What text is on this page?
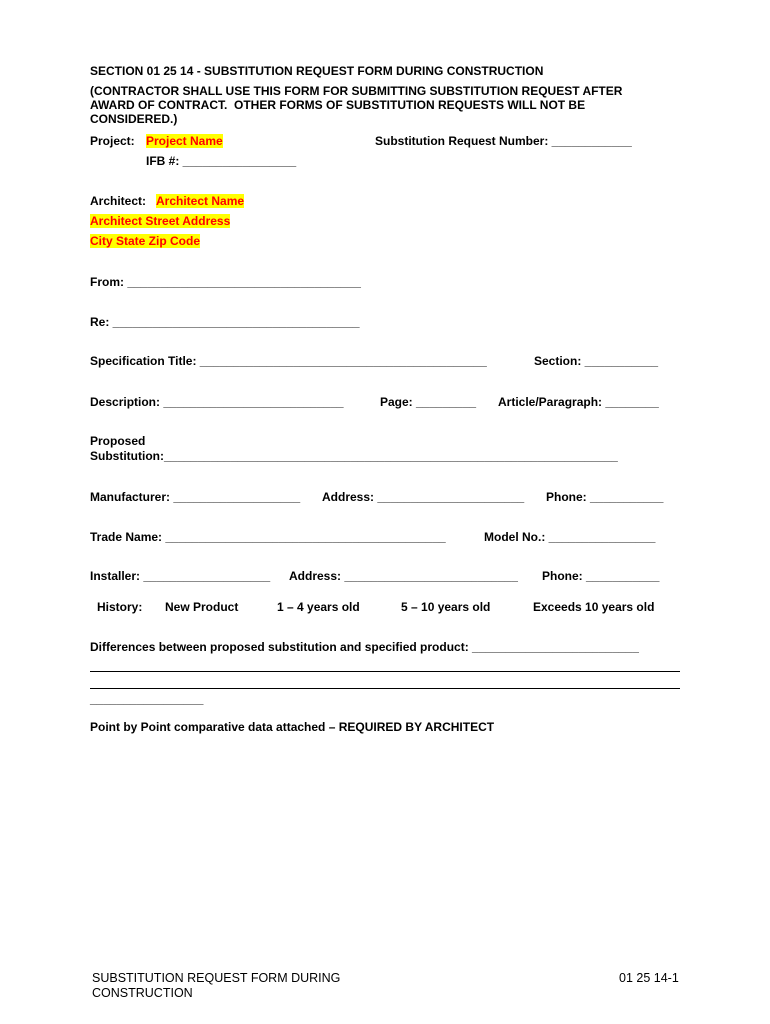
SECTION 01 25 14 - SUBSTITUTION REQUEST FORM DURING CONSTRUCTION
(CONTRACTOR SHALL USE THIS FORM FOR SUBMITTING SUBSTITUTION REQUEST AFTER
AWARD OF CONTRACT.  OTHER FORMS OF SUBSTITUTION REQUESTS WILL NOT BE
CONSIDERED.)
Project: Project Name	Substitution Request Number: ____________
IFB #: _________________
Architect: Architect Name
Architect Street Address
City State Zip Code
From: ___________________________________
Re: _____________________________________
Specification Title: ___________________________________________	Section: ___________
Description: ___________________________	Page: _________ Article/Paragraph: ________
Proposed
Substitution:____________________________________________________________________
Manufacturer: ___________________ Address: ______________________ Phone: ___________
Trade Name: __________________________________________	Model No.: ________________
Installer: ___________________ Address: __________________________ Phone: ___________
History: New Product	1 – 4 years old	5 – 10 years old	Exceeds 10 years old
Differences between proposed substitution and specified product: _________________________
_________________
Point by Point comparative data attached – REQUIRED BY ARCHITECT
SUBSTITUTION REQUEST FORM DURING
CONSTRUCTION
01 25 14-1
